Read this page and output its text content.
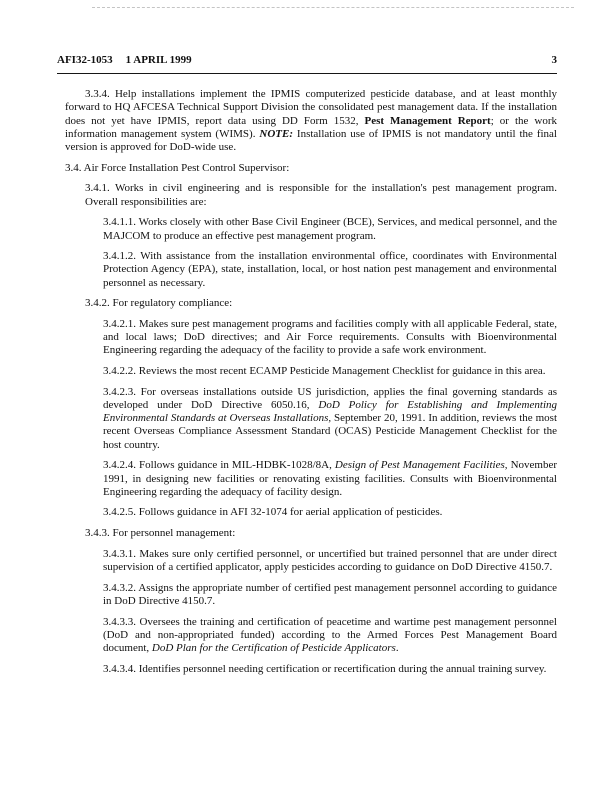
AFI32-1053 1 APRIL 1999	3

3.3.4. Help installations implement the IPMIS computerized pesticide database, and at least monthly forward to HQ AFCESA Technical Support Division the consolidated pest management data. If the installation does not yet have IPMIS, report data using DD Form 1532, Pest Management Report; or the work information management system (WIMS). NOTE: Installation use of IPMIS is not mandatory until the final version is approved for DoD-wide use.

3.4. Air Force Installation Pest Control Supervisor:

3.4.1. Works in civil engineering and is responsible for the installation's pest management program. Overall responsibilities are:

3.4.1.1. Works closely with other Base Civil Engineer (BCE), Services, and medical personnel, and the MAJCOM to produce an effective pest management program.

3.4.1.2. With assistance from the installation environmental office, coordinates with Environmental Protection Agency (EPA), state, installation, local, or host nation pest management and environmental personnel as necessary.

3.4.2. For regulatory compliance:

3.4.2.1. Makes sure pest management programs and facilities comply with all applicable Federal, state, and local laws; DoD directives; and Air Force requirements. Consults with Bioenvironmental Engineering regarding the adequacy of the facility to provide a safe work environment.

3.4.2.2. Reviews the most recent ECAMP Pesticide Management Checklist for guidance in this area.

3.4.2.3. For overseas installations outside US jurisdiction, applies the final governing standards as developed under DoD Directive 6050.16, DoD Policy for Establishing and Implementing Environmental Standards at Overseas Installations, September 20, 1991. In addition, reviews the most recent Overseas Compliance Assessment Standard (OCAS) Pesticide Management Checklist for the host country.

3.4.2.4. Follows guidance in MIL-HDBK-1028/8A, Design of Pest Management Facilities, November 1991, in designing new facilities or renovating existing facilities. Consults with Bioenvironmental Engineering regarding the adequacy of facility design.

3.4.2.5. Follows guidance in AFI 32-1074 for aerial application of pesticides.

3.4.3. For personnel management:

3.4.3.1. Makes sure only certified personnel, or uncertified but trained personnel that are under direct supervision of a certified applicator, apply pesticides according to guidance on DoD Directive 4150.7.

3.4.3.2. Assigns the appropriate number of certified pest management personnel according to guidance in DoD Directive 4150.7.

3.4.3.3. Oversees the training and certification of peacetime and wartime pest management personnel (DoD and non-appropriated funded) according to the Armed Forces Pest Management Board document, DoD Plan for the Certification of Pesticide Applicators.

3.4.3.4. Identifies personnel needing certification or recertification during the annual training survey.
